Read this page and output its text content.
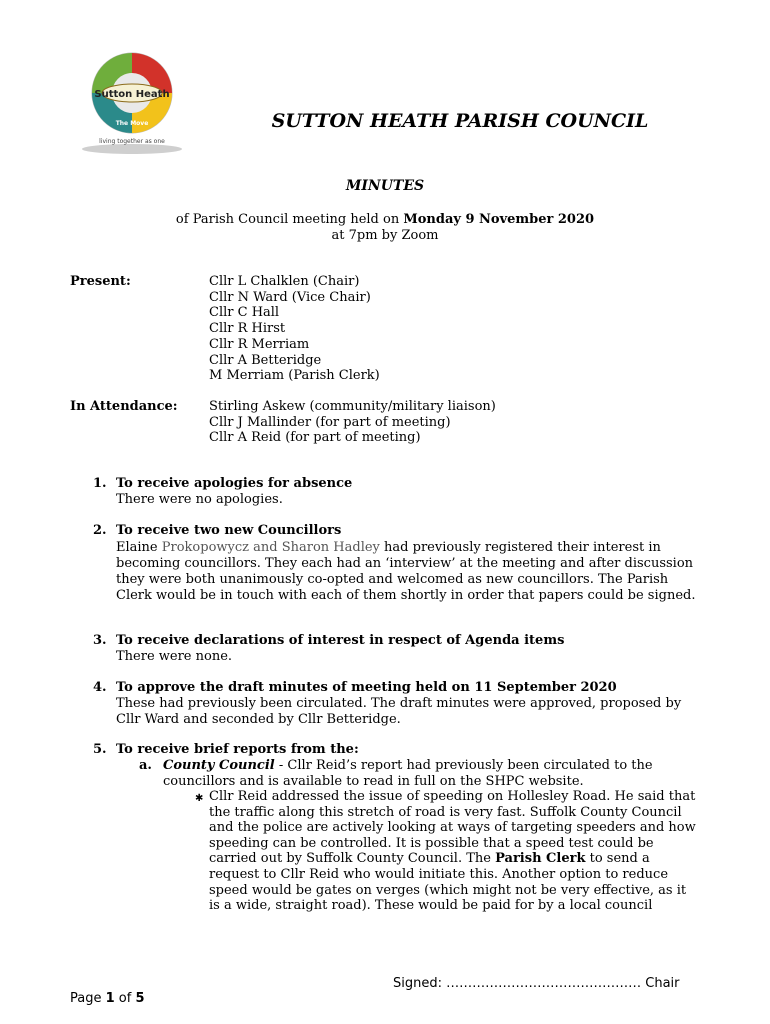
Sutton Heath
The Move
living together as one
SUTTON HEATH PARISH COUNCIL
MINUTES
of Parish Council meeting held on Monday 9 November 2020
at 7pm by Zoom
Present:	Cllr L Chalklen (Chair)
Cllr N Ward (Vice Chair)
Cllr C Hall
Cllr R Hirst
Cllr R Merriam
Cllr A Betteridge
M Merriam (Parish Clerk)
In Attendance: Stirling Askew (community/military liaison)
Cllr J Mallinder (for part of meeting)
Cllr A Reid (for part of meeting)
1. To receive apologies for absence
There were no apologies.
2. To receive two new Councillors
Elaine Prokopowycz and Sharon Hadley had previously registered their interest in becoming councillors. They each had an ‘interview’ at the meeting and after discussion they were both unanimously co-opted and welcomed as new councillors. The Parish Clerk would be in touch with each of them shortly in order that papers could be signed.
3. To receive declarations of interest in respect of Agenda items
There were none.
4. To approve the draft minutes of meeting held on 11 September 2020
These had previously been circulated. The draft minutes were approved, proposed by Cllr Ward and seconded by Cllr Betteridge.
5. To receive brief reports from the:
a. County Council - Cllr Reid’s report had previously been circulated to the councillors and is available to read in full on the SHPC website.
✱ Cllr Reid addressed the issue of speeding on Hollesley Road. He said that the traffic along this stretch of road is very fast. Suffolk County Council and the police are actively looking at ways of targeting speeders and how speeding can be controlled. It is possible that a speed test could be carried out by Suffolk County Council. The Parish Clerk to send a request to Cllr Reid who would initiate this. Another option to reduce speed would be gates on verges (which might not be very effective, as it is a wide, straight road). These would be paid for by a local council
Signed: ……………………………………… Chair
Page 1 of 5
